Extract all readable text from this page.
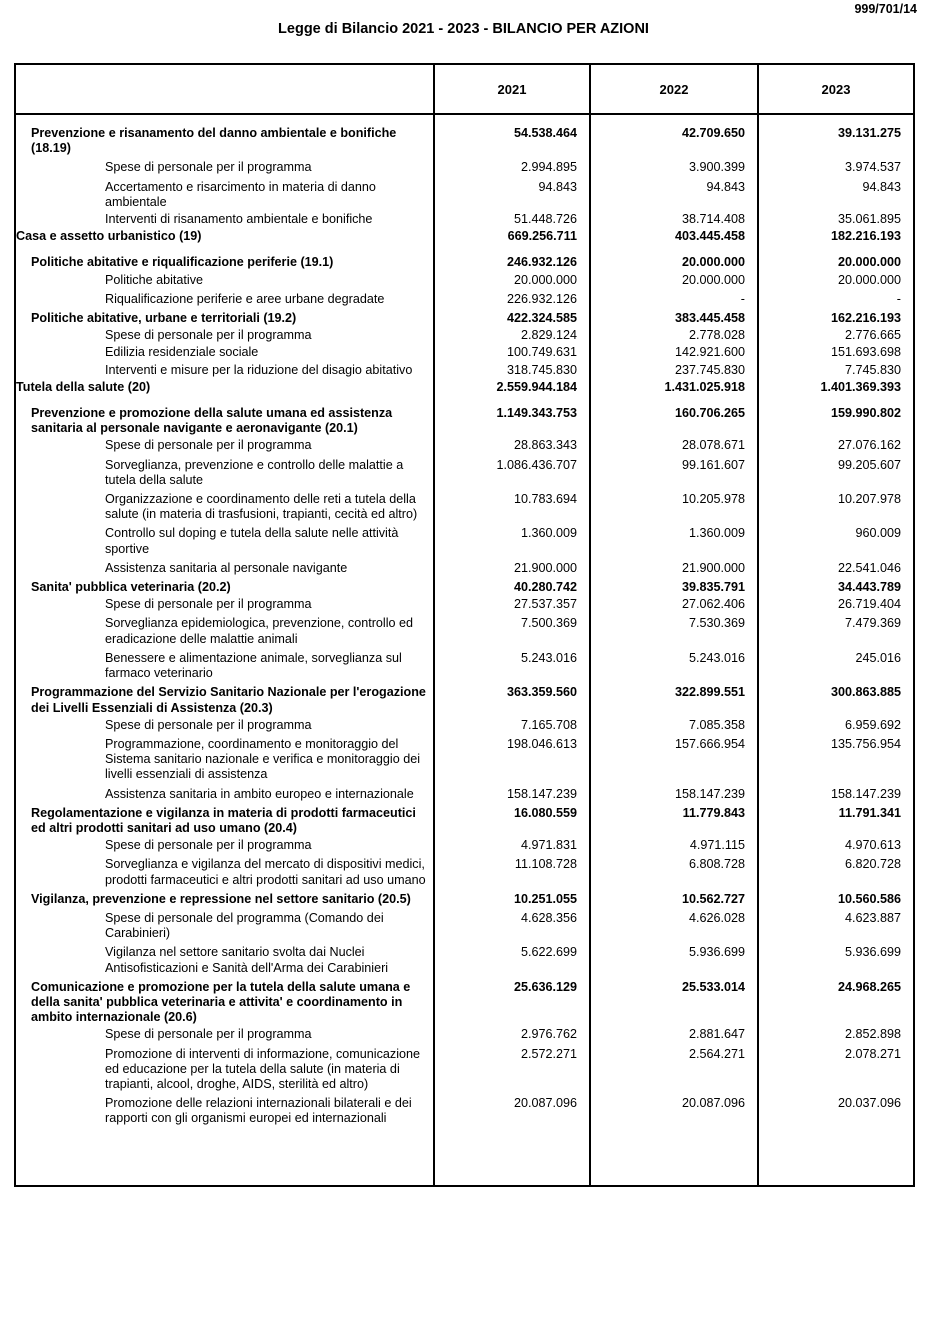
999/701/14
Legge di Bilancio 2021 - 2023 - BILANCIO PER AZIONI
	2021	2022	2023
Prevenzione e risanamento del danno ambientale e bonifiche (18.19)	54.538.464	42.709.650	39.131.275
Spese di personale per il programma	2.994.895	3.900.399	3.974.537
Accertamento e risarcimento in materia di danno ambientale	94.843	94.843	94.843
Interventi di risanamento ambientale e bonifiche	51.448.726	38.714.408	35.061.895
Casa e assetto urbanistico (19)	669.256.711	403.445.458	182.216.193
Politiche abitative e riqualificazione periferie (19.1)	246.932.126	20.000.000	20.000.000
Politiche abitative	20.000.000	20.000.000	20.000.000
Riqualificazione periferie e aree urbane degradate	226.932.126	-	-
Politiche abitative, urbane e territoriali (19.2)	422.324.585	383.445.458	162.216.193
Spese di personale per il programma	2.829.124	2.778.028	2.776.665
Edilizia residenziale sociale	100.749.631	142.921.600	151.693.698
Interventi e misure per la riduzione del disagio abitativo	318.745.830	237.745.830	7.745.830
Tutela della salute (20)	2.559.944.184	1.431.025.918	1.401.369.393
Prevenzione e promozione della salute umana ed assistenza sanitaria al personale navigante e aeronavigante (20.1)	1.149.343.753	160.706.265	159.990.802
Spese di personale per il programma	28.863.343	28.078.671	27.076.162
Sorveglianza, prevenzione e controllo delle malattie a tutela della salute	1.086.436.707	99.161.607	99.205.607
Organizzazione e coordinamento delle reti a tutela della salute (in materia di trasfusioni, trapianti, cecità ed altro)	10.783.694	10.205.978	10.207.978
Controllo sul doping e tutela della salute nelle attività sportive	1.360.009	1.360.009	960.009
Assistenza sanitaria al personale navigante	21.900.000	21.900.000	22.541.046
Sanita' pubblica veterinaria (20.2)	40.280.742	39.835.791	34.443.789
Spese di personale per il programma	27.537.357	27.062.406	26.719.404
Sorveglianza epidemiologica, prevenzione, controllo ed eradicazione delle malattie animali	7.500.369	7.530.369	7.479.369
Benessere e alimentazione animale, sorveglianza sul farmaco veterinario	5.243.016	5.243.016	245.016
Programmazione del Servizio Sanitario Nazionale per l'erogazione dei Livelli Essenziali di Assistenza (20.3)	363.359.560	322.899.551	300.863.885
Spese di personale per il programma	7.165.708	7.085.358	6.959.692
Programmazione, coordinamento e monitoraggio del Sistema sanitario nazionale e verifica e monitoraggio dei livelli essenziali di assistenza	198.046.613	157.666.954	135.756.954
Assistenza sanitaria in ambito europeo e internazionale	158.147.239	158.147.239	158.147.239
Regolamentazione e vigilanza in materia di prodotti farmaceutici ed altri prodotti sanitari ad uso umano (20.4)	16.080.559	11.779.843	11.791.341
Spese di personale per il programma	4.971.831	4.971.115	4.970.613
Sorveglianza e vigilanza del mercato di dispositivi medici, prodotti farmaceutici e altri prodotti sanitari ad uso umano	11.108.728	6.808.728	6.820.728
Vigilanza, prevenzione e repressione nel settore sanitario (20.5)	10.251.055	10.562.727	10.560.586
Spese di personale del programma (Comando dei Carabinieri)	4.628.356	4.626.028	4.623.887
Vigilanza nel settore sanitario svolta dai Nuclei Antisofisticazioni e Sanità dell'Arma dei Carabinieri	5.622.699	5.936.699	5.936.699
Comunicazione e promozione per la tutela della salute umana e della sanita' pubblica veterinaria e attivita' e coordinamento in ambito internazionale (20.6)	25.636.129	25.533.014	24.968.265
Spese di personale per il programma	2.976.762	2.881.647	2.852.898
Promozione di interventi di informazione, comunicazione ed educazione per la tutela della salute (in materia di trapianti, alcool, droghe, AIDS, sterilità ed altro)	2.572.271	2.564.271	2.078.271
Promozione delle relazioni internazionali bilaterali e dei rapporti con gli organismi europei ed internazionali	20.087.096	20.087.096	20.037.096
